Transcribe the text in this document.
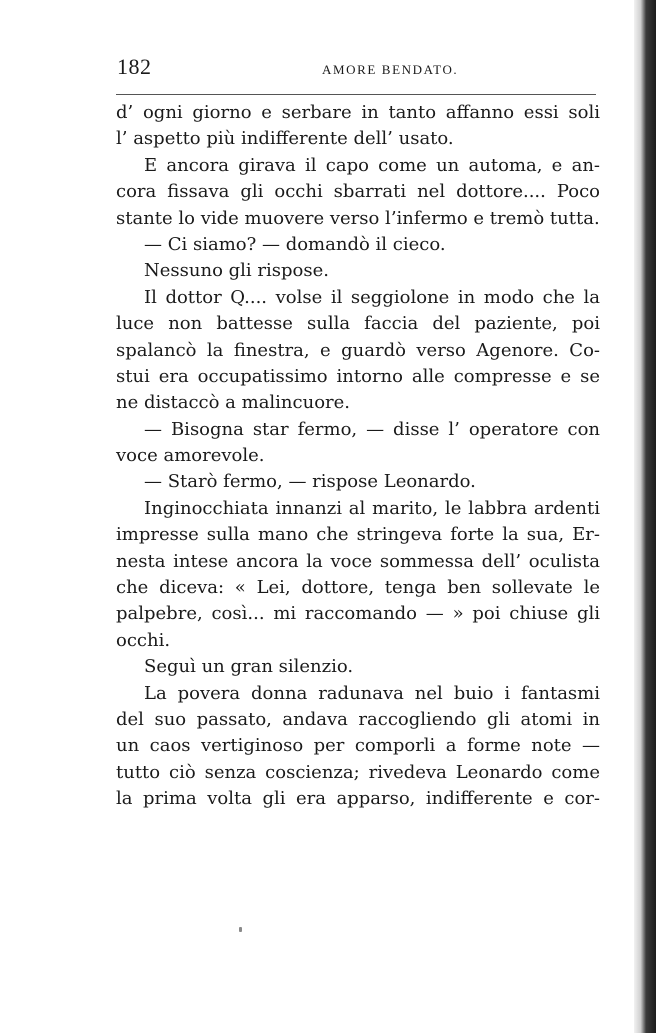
182	AMORE BENDATO.
d’ ogni giorno e serbare in tanto affanno essi soli
l’ aspetto più indifferente dell’ usato.
E ancora girava il capo come un automa, e an-
cora fissava gli occhi sbarrati nel dottore.... Poco
stante lo vide muovere verso l’infermo e tremò tutta.
— Ci siamo? — domandò il cieco.
Nessuno gli rispose.
Il dottor Q.... volse il seggiolone in modo che la
luce non battesse sulla faccia del paziente, poi
spalancò la finestra, e guardò verso Agenore. Co-
stui era occupatissimo intorno alle compresse e se
ne distaccò a malincuore.
— Bisogna star fermo, — disse l’ operatore con
voce amorevole.
— Starò fermo, — rispose Leonardo.
Inginocchiata innanzi al marito, le labbra ardenti
impresse sulla mano che stringeva forte la sua, Er-
nesta intese ancora la voce sommessa dell’ oculista
che diceva: « Lei, dottore, tenga ben sollevate le
palpebre, così... mi raccomando — » poi chiuse gli
occhi.
Seguì un gran silenzio.
La povera donna radunava nel buio i fantasmi
del suo passato, andava raccogliendo gli atomi in
un caos vertiginoso per comporli a forme note —
tutto ciò senza coscienza; rivedeva Leonardo come
la prima volta gli era apparso, indifferente e cor-
